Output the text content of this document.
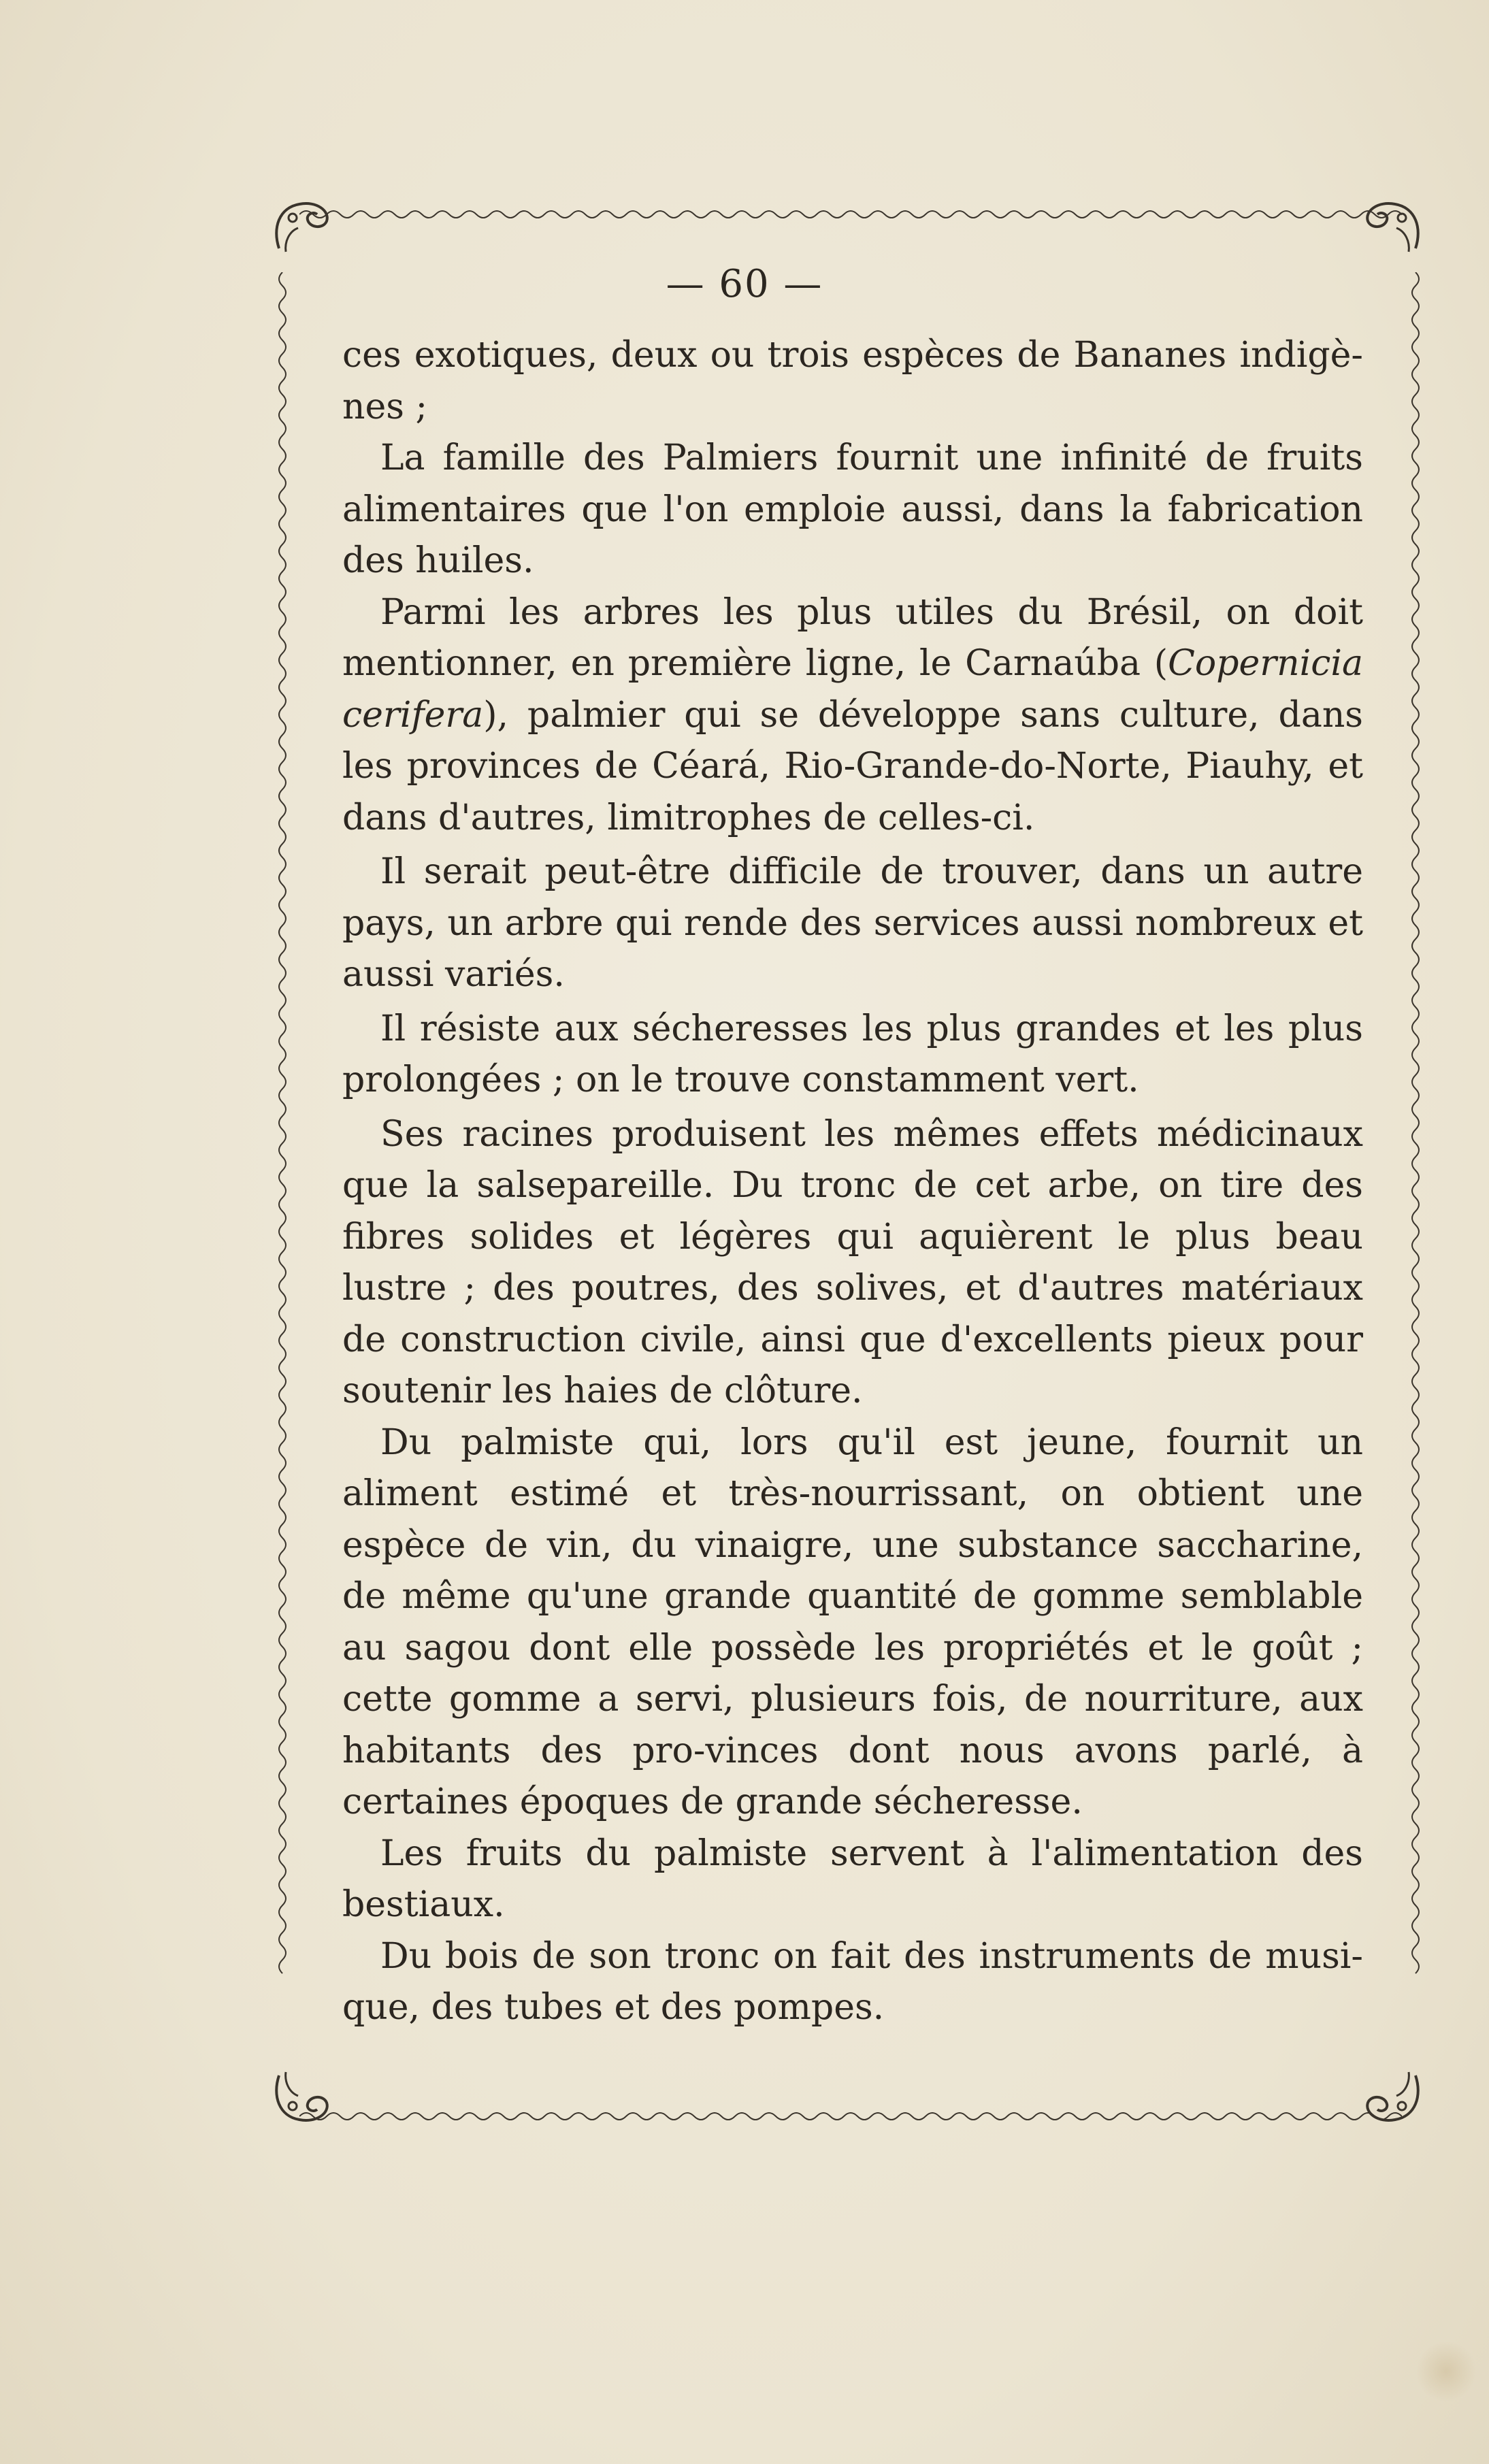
— 60 —

ces exotiques, deux ou trois espèces de Bananes indigè-nes ;

La famille des Palmiers fournit une infinité de fruits alimentaires que l'on emploie aussi, dans la fabrication des huiles.

Parmi les arbres les plus utiles du Brésil, on doit mentionner, en première ligne, le Carnaúba (Copernicia cerifera), palmier qui se développe sans culture, dans les provinces de Céará, Rio-Grande-do-Norte, Piauhy, et dans d'autres, limitrophes de celles-ci.

Il serait peut-être difficile de trouver, dans un autre pays, un arbre qui rende des services aussi nombreux et aussi variés.

Il résiste aux sécheresses les plus grandes et les plus prolongées ; on le trouve constamment vert.

Ses racines produisent les mêmes effets médicinaux que la salsepareille. Du tronc de cet arbe, on tire des fibres solides et légères qui aquièrent le plus beau lustre ; des poutres, des solives, et d'autres matériaux de construction civile, ainsi que d'excellents pieux pour soutenir les haies de clôture.

Du palmiste qui, lors qu'il est jeune, fournit un aliment estimé et très-nourrissant, on obtient une espèce de vin, du vinaigre, une substance saccharine, de même qu'une grande quantité de gomme semblable au sagou dont elle possède les propriétés et le goût ; cette gomme a servi, plusieurs fois, de nourriture, aux habitants des pro-vinces dont nous avons parlé, à certaines époques de grande sécheresse.

Les fruits du palmiste servent à l'alimentation des bestiaux.

Du bois de son tronc on fait des instruments de musi-que, des tubes et des pompes.
